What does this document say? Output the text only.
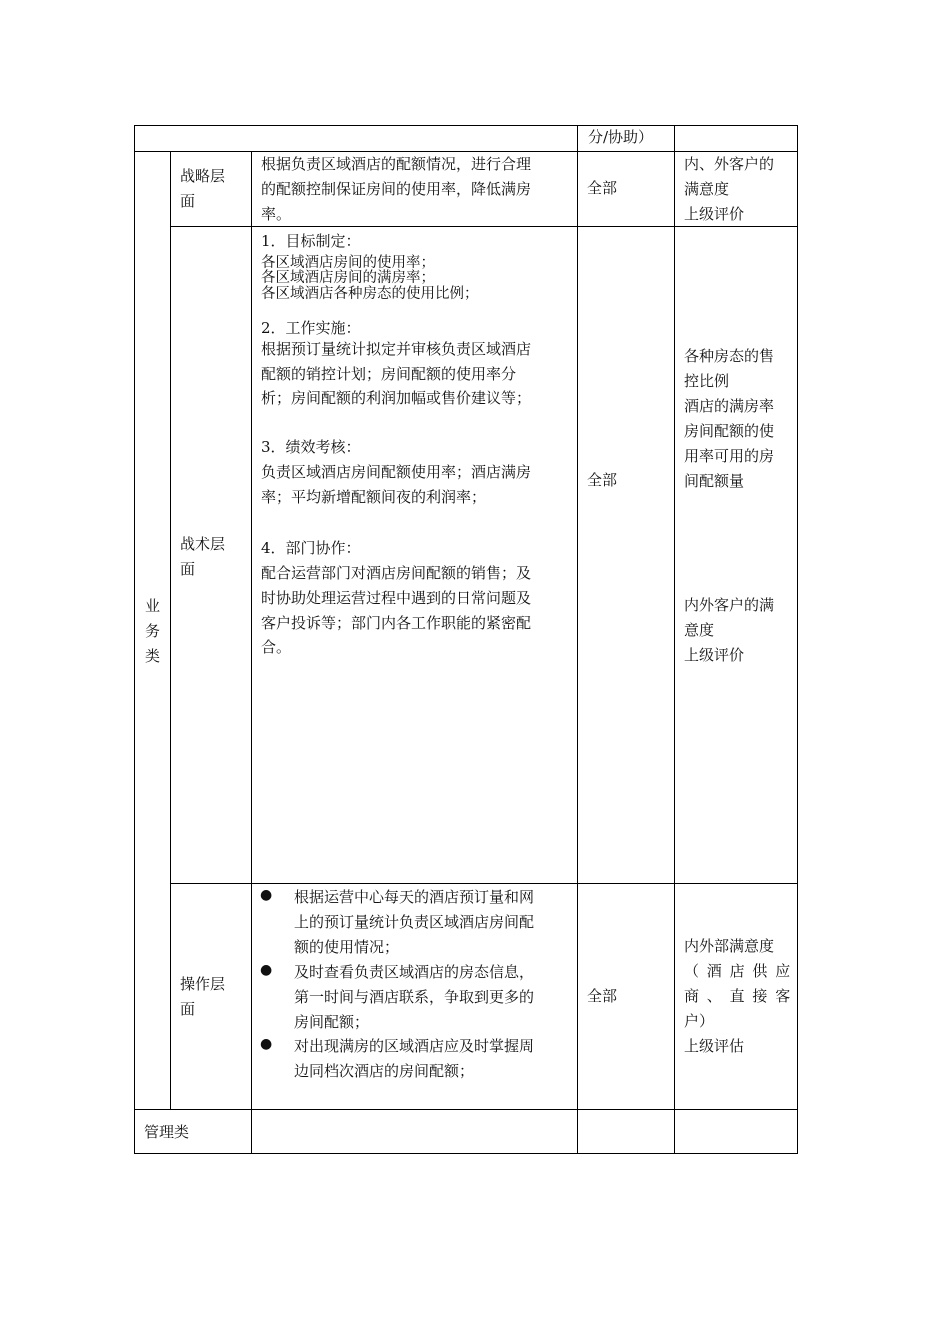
分/协助）
业
务
类
战略层
面
根据负责区域酒店的配额情况，进行合理
的配额控制保证房间的使用率，降低满房
率。
全部
内、外客户的
满意度
上级评价
战术层
面
1．目标制定：
各区域酒店房间的使用率；
各区域酒店房间的满房率；
各区域酒店各种房态的使用比例；
2．工作实施：
根据预订量统计拟定并审核负责区域酒店
配额的销控计划；房间配额的使用率分
析；房间配额的利润加幅或售价建议等；
3．绩效考核：
负责区域酒店房间配额使用率；酒店满房
率；平均新增配额间夜的利润率；
4．部门协作：
配合运营部门对酒店房间配额的销售；及
时协助处理运营过程中遇到的日常问题及
客户投诉等；部门内各工作职能的紧密配
合。
全部
各种房态的售
控比例
酒店的满房率
房间配额的使
用率可用的房
间配额量
内外客户的满
意度
上级评价
操作层
面
● 根据运营中心每天的酒店预订量和网
上的预订量统计负责区域酒店房间配
额的使用情况；
● 及时查看负责区域酒店的房态信息，
第一时间与酒店联系，争取到更多的
房间配额；
● 对出现满房的区域酒店应及时掌握周
边同档次酒店的房间配额；
全部
内外部满意度
（酒店供应
商、直接客
户）
上级评估
管理类
